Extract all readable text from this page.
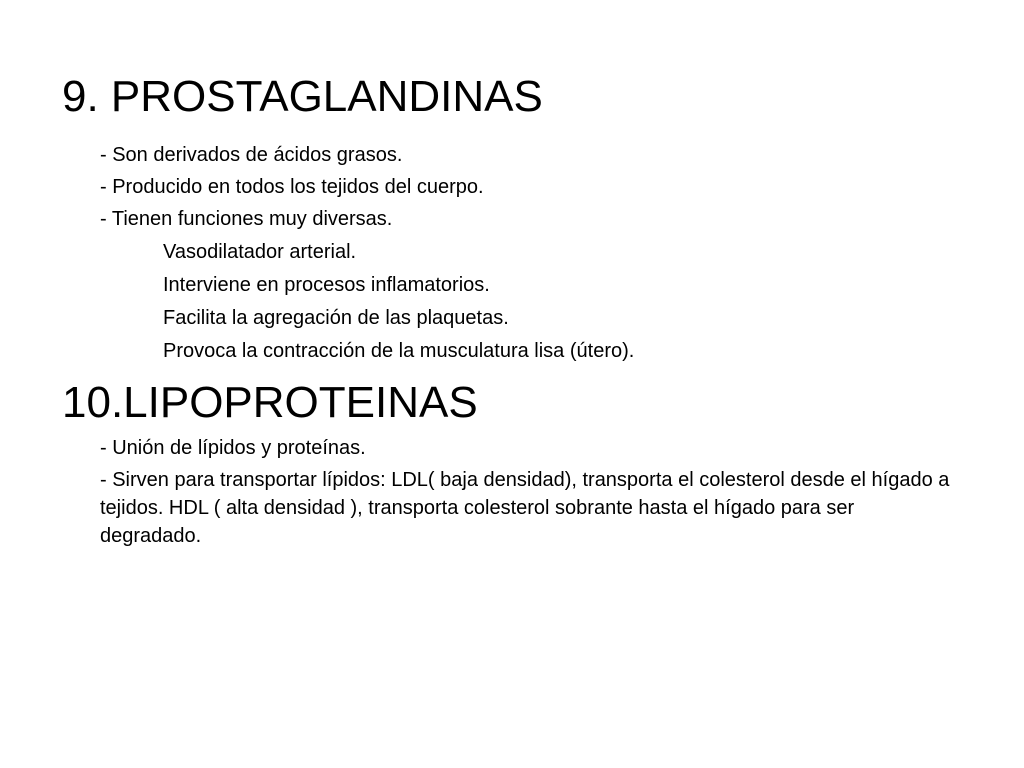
9. PROSTAGLANDINAS

- Son derivados de ácidos grasos.

- Producido en todos los tejidos del cuerpo.

- Tienen funciones muy diversas.

Vasodilatador arterial.

Interviene en procesos inflamatorios.

Facilita la agregación de las plaquetas.

Provoca la contracción de la musculatura lisa (útero).

10.LIPOPROTEINAS

- Unión de lípidos y proteínas.

- Sirven para transportar lípidos: LDL( baja densidad), transporta el colesterol desde el hígado a tejidos. HDL ( alta densidad ), transporta colesterol sobrante hasta el hígado para ser degradado.
